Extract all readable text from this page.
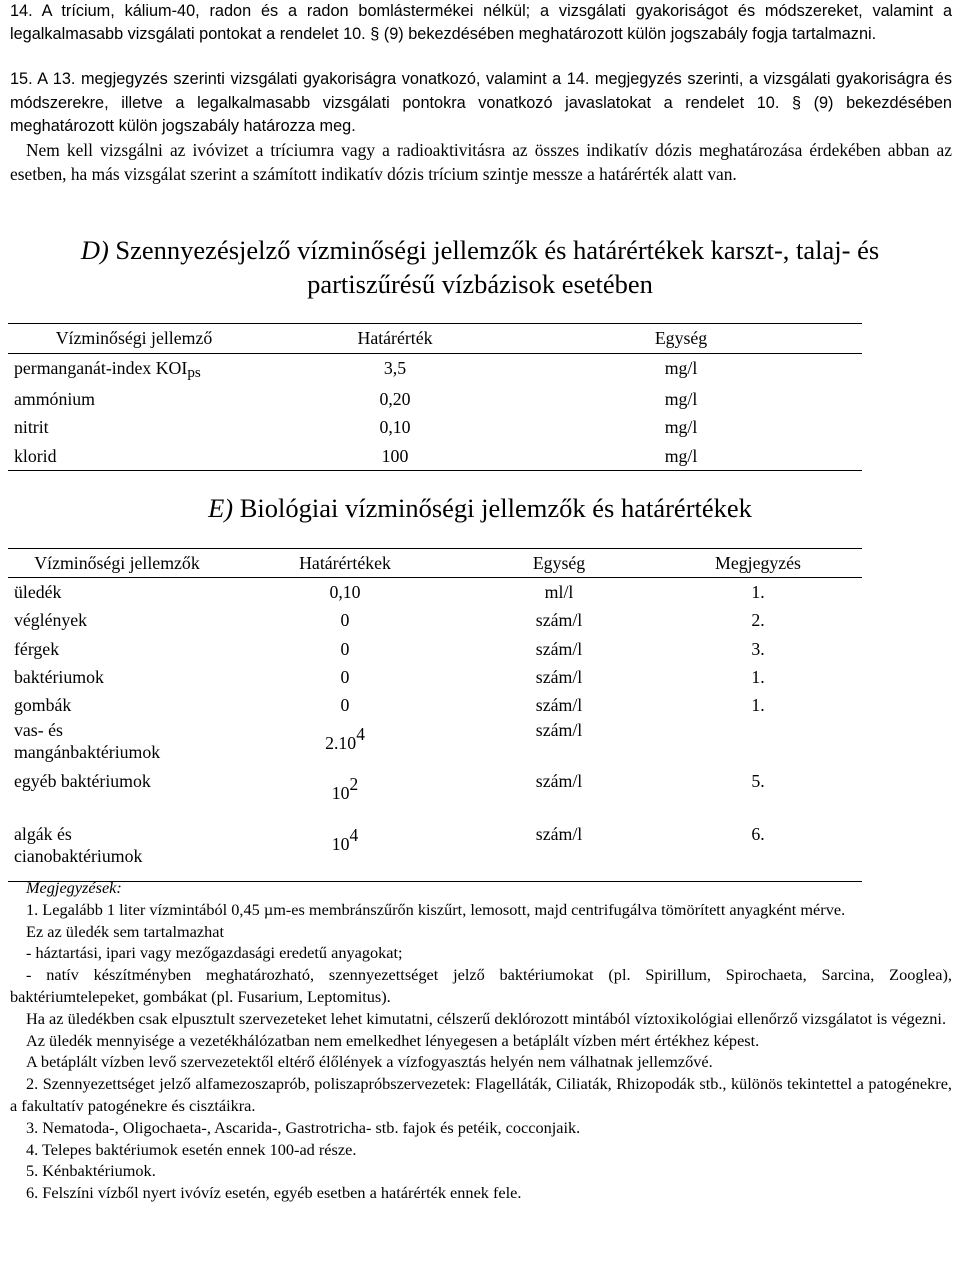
14. A trícium, kálium-40, radon és a radon bomlástermékei nélkül; a vizsgálati gyakoriságot és módszereket, valamint a legalkalmasabb vizsgálati pontokat a rendelet 10. § (9) bekezdésében meghatározott külön jogszabály fogja tartalmazni.

15. A 13. megjegyzés szerinti vizsgálati gyakoriságra vonatkozó, valamint a 14. megjegyzés szerinti, a vizsgálati gyakoriságra és módszerekre, illetve a legalkalmasabb vizsgálati pontokra vonatkozó javaslatokat a rendelet 10. § (9) bekezdésében meghatározott külön jogszabály határozza meg.

Nem kell vizsgálni az ivóvizet a tríciumra vagy a radioaktivitásra az összes indikatív dózis meghatározása érdekében abban az esetben, ha más vizsgálat szerint a számított indikatív dózis trícium szintje messze a határérték alatt van.

D) Szennyezésjelző vízminőségi jellemzők és határértékek karszt-, talaj- és
partiszűrésű vízbázisok esetében
Vízminőségi jellemző	Határérték	Egység
permanganát-index KOIps	3,5	mg/l
ammónium	0,20	mg/l
nitrit	0,10	mg/l
klorid	100	mg/l
E) Biológiai vízminőségi jellemzők és határértékek
Vízminőségi jellemzők	Határértékek	Egység	Megjegyzés
üledék	0,10	ml/l	1.
véglények	0	szám/l	2.
férgek	0	szám/l	3.
baktériumok	0	szám/l	1.
gombák	0	szám/l	1.
vas- és
mangánbaktériumok	2.104	szám/l	
egyéb baktériumok	102	szám/l	5.
algák és
cianobaktériumok	104	szám/l	6.

Megjegyzések:

1. Legalább 1 liter vízmintából 0,45 µm-es membránszűrőn kiszűrt, lemosott, majd centrifugálva tömörített anyagként mérve.

Ez az üledék sem tartalmazhat

- háztartási, ipari vagy mezőgazdasági eredetű anyagokat;

- natív készítményben meghatározható, szennyezettséget jelző baktériumokat (pl. Spirillum, Spirochaeta, Sarcina, Zooglea), baktériumtelepeket, gombákat (pl. Fusarium, Leptomitus).

Ha az üledékben csak elpusztult szervezeteket lehet kimutatni, célszerű deklórozott mintából víztoxikológiai ellenőrző vizsgálatot is végezni.

Az üledék mennyisége a vezetékhálózatban nem emelkedhet lényegesen a betáplált vízben mért értékhez képest.

A betáplált vízben levő szervezetektől eltérő élőlények a vízfogyasztás helyén nem válhatnak jellemzővé.

2. Szennyezettséget jelző alfamezoszaprób, poliszapróbszervezetek: Flagelláták, Ciliaták, Rhizopodák stb., különös tekintettel a patogénekre, a fakultatív patogénekre és cisztáikra.

3. Nematoda-, Oligochaeta-, Ascarida-, Gastrotricha- stb. fajok és petéik, cocconjaik.

4. Telepes baktériumok esetén ennek 100-ad része.

5. Kénbaktériumok.

6. Felszíni vízből nyert ivóvíz esetén, egyéb esetben a határérték ennek fele.
